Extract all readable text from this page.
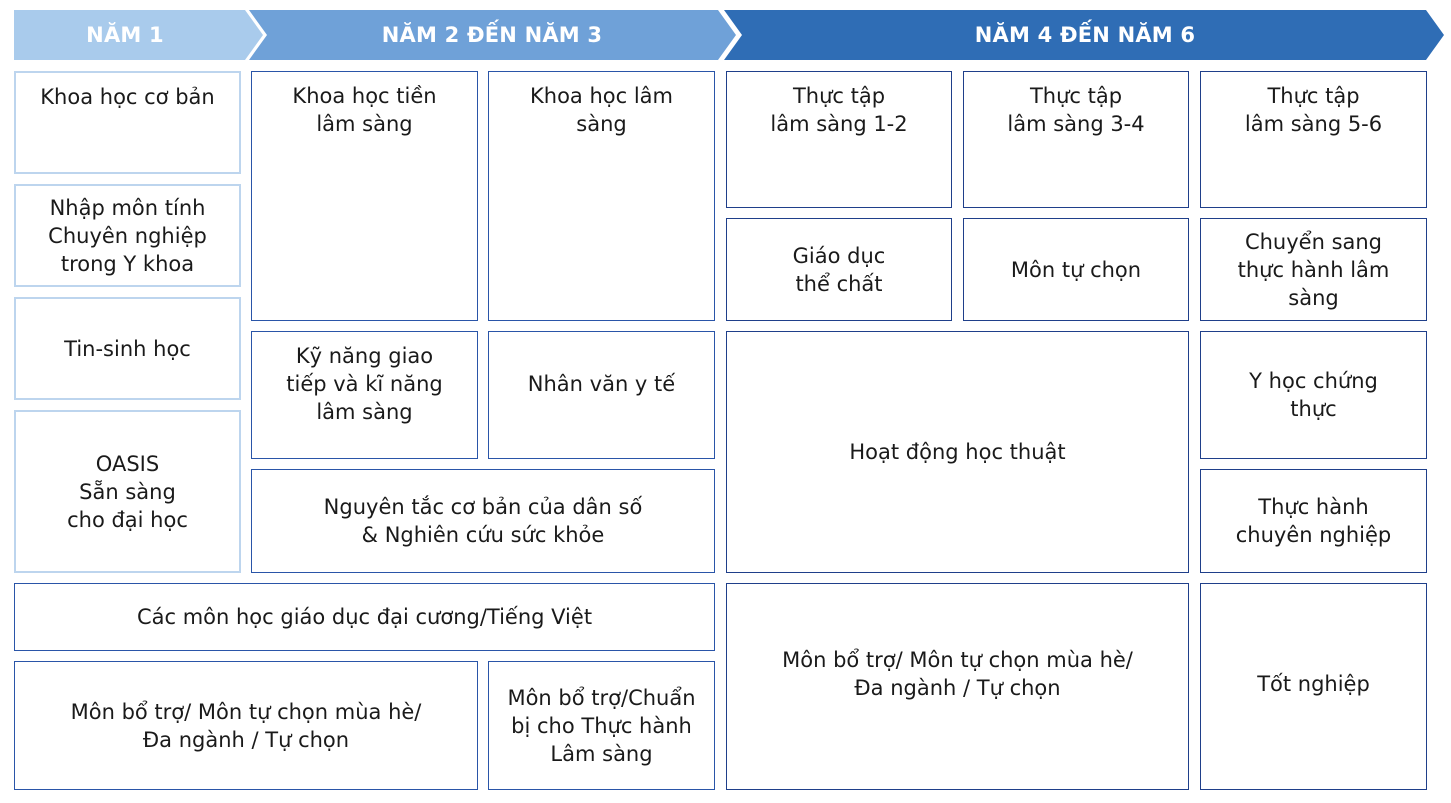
NĂM 1	NĂM 2 ĐẾN NĂM 3	NĂM 4 ĐẾN NĂM 6
Khoa học cơ bản
Nhập môn tính
Chuyên nghiệp
trong Y khoa
Tin-sinh học
OASIS
Sẵn sàng
cho đại học
Khoa học tiền
lâm sàng
Khoa học lâm
sàng
Kỹ năng giao
tiếp và kĩ năng
lâm sàng
Nhân văn y tế
Nguyên tắc cơ bản của dân số
& Nghiên cứu sức khỏe
Các môn học giáo dục đại cương/Tiếng Việt
Môn bổ trợ/ Môn tự chọn mùa hè/
Đa ngành / Tự chọn
Môn bổ trợ/Chuẩn
bị cho Thực hành
Lâm sàng
Thực tập
lâm sàng 1-2
Thực tập
lâm sàng 3-4
Thực tập
lâm sàng 5-6
Giáo dục
thể chất
Môn tự chọn
Chuyển sang
thực hành lâm
sàng
Hoạt động học thuật
Y học chứng
thực
Thực hành
chuyên nghiệp
Môn bổ trợ/ Môn tự chọn mùa hè/
Đa ngành / Tự chọn	Tốt nghiệp
